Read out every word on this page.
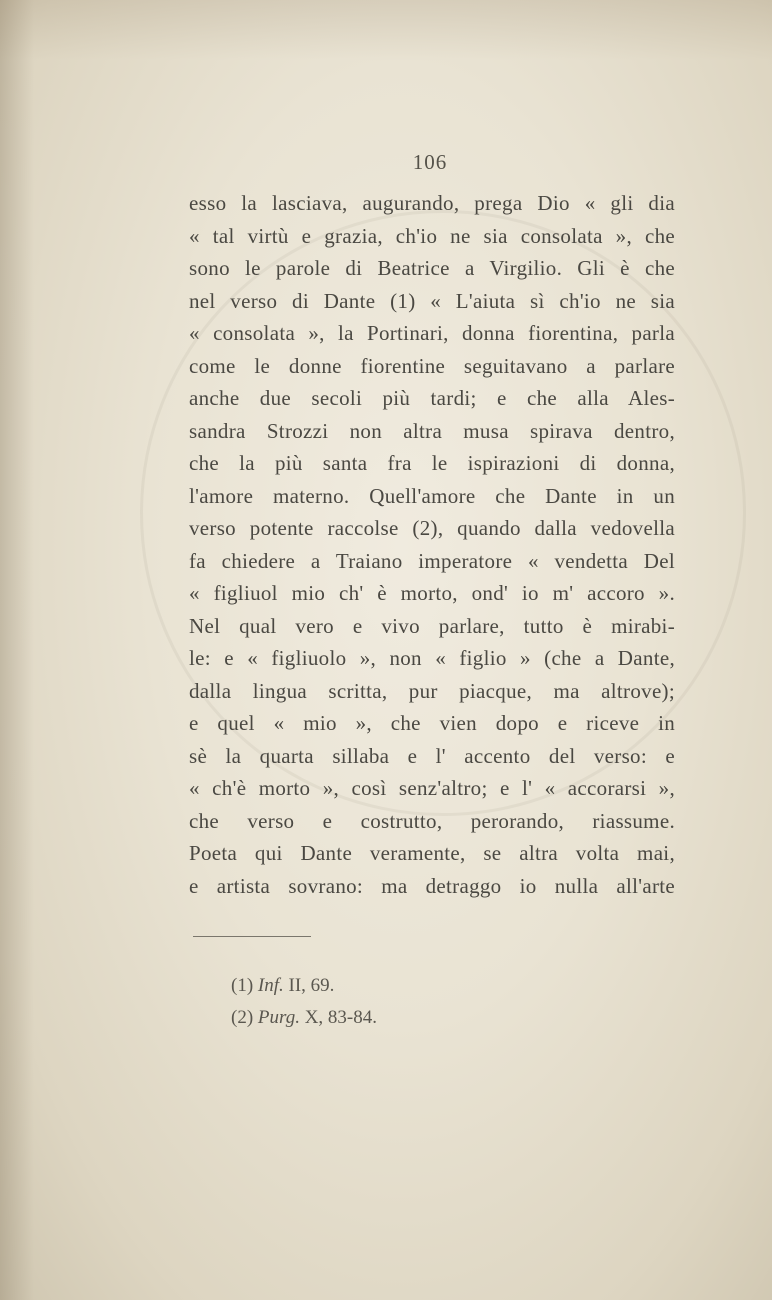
106
esso la lasciava, augurando, prega Dio « gli dia
« tal virtù e grazia, ch'io ne sia consolata », che
sono le parole di Beatrice a Virgilio. Gli è che
nel verso di Dante (1) « L'aiuta sì ch'io ne sia
« consolata », la Portinari, donna fiorentina, parla
come le donne fiorentine seguitavano a parlare
anche due secoli più tardi; e che alla Ales-
sandra Strozzi non altra musa spirava dentro,
che la più santa fra le ispirazioni di donna,
l'amore materno. Quell'amore che Dante in un
verso potente raccolse (2), quando dalla vedovella
fa chiedere a Traiano imperatore « vendetta Del
« figliuol mio ch' è morto, ond' io m' accoro ».
Nel qual vero e vivo parlare, tutto è mirabi-
le: e « figliuolo », non « figlio » (che a Dante,
dalla lingua scritta, pur piacque, ma altrove);
e quel « mio », che vien dopo e riceve in
sè la quarta sillaba e l' accento del verso: e
« ch'è morto », così senz'altro; e l' « accorarsi »,
che verso e costrutto, perorando, riassume.
Poeta qui Dante veramente, se altra volta mai,
e artista sovrano: ma detraggo io nulla all'arte
(1) Inf. II, 69.
(2) Purg. X, 83-84.
